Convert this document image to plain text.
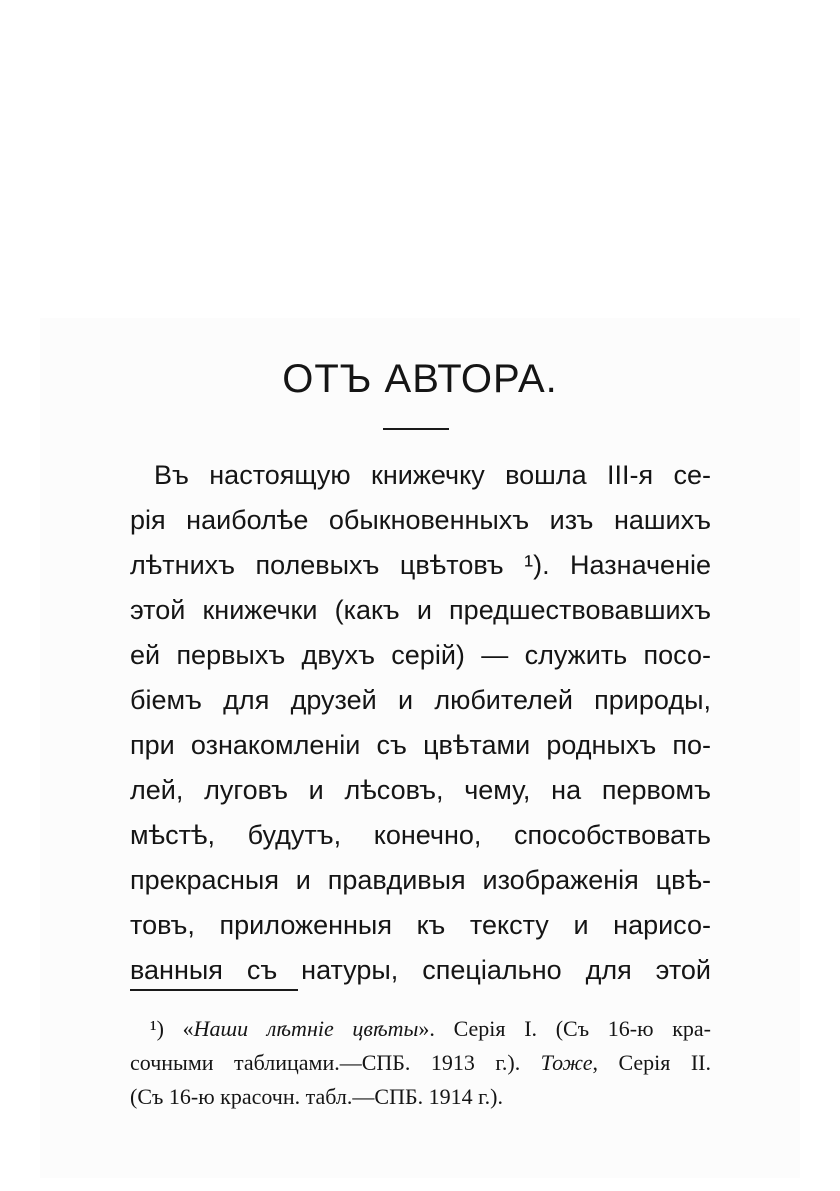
ОТЪ АВТОРА.
Въ настоящую книжечку вошла III-я се-
рія наиболѣе обыкновенныхъ изъ нашихъ
лѣтнихъ полевыхъ цвѣтовъ ¹). Назначеніе
этой книжечки (какъ и предшествовавшихъ
ей первыхъ двухъ серій) — служить посо-
біемъ для друзей и любителей природы,
при ознакомленіи съ цвѣтами родныхъ по-
лей, луговъ и лѣсовъ, чему, на первомъ
мѣстѣ, будутъ, конечно, способствовать
прекрасныя и правдивыя изображенія цвѣ-
товъ, приложенныя къ тексту и нарисо-
ванныя съ натуры, спеціально для этой
¹) «Наши лѣтніе цвѣты». Серія I. (Съ 16-ю кра-
сочными таблицами.—СПБ. 1913 г.). Тоже, Серія II.
(Съ 16-ю красочн. табл.—СПБ. 1914 г.).
